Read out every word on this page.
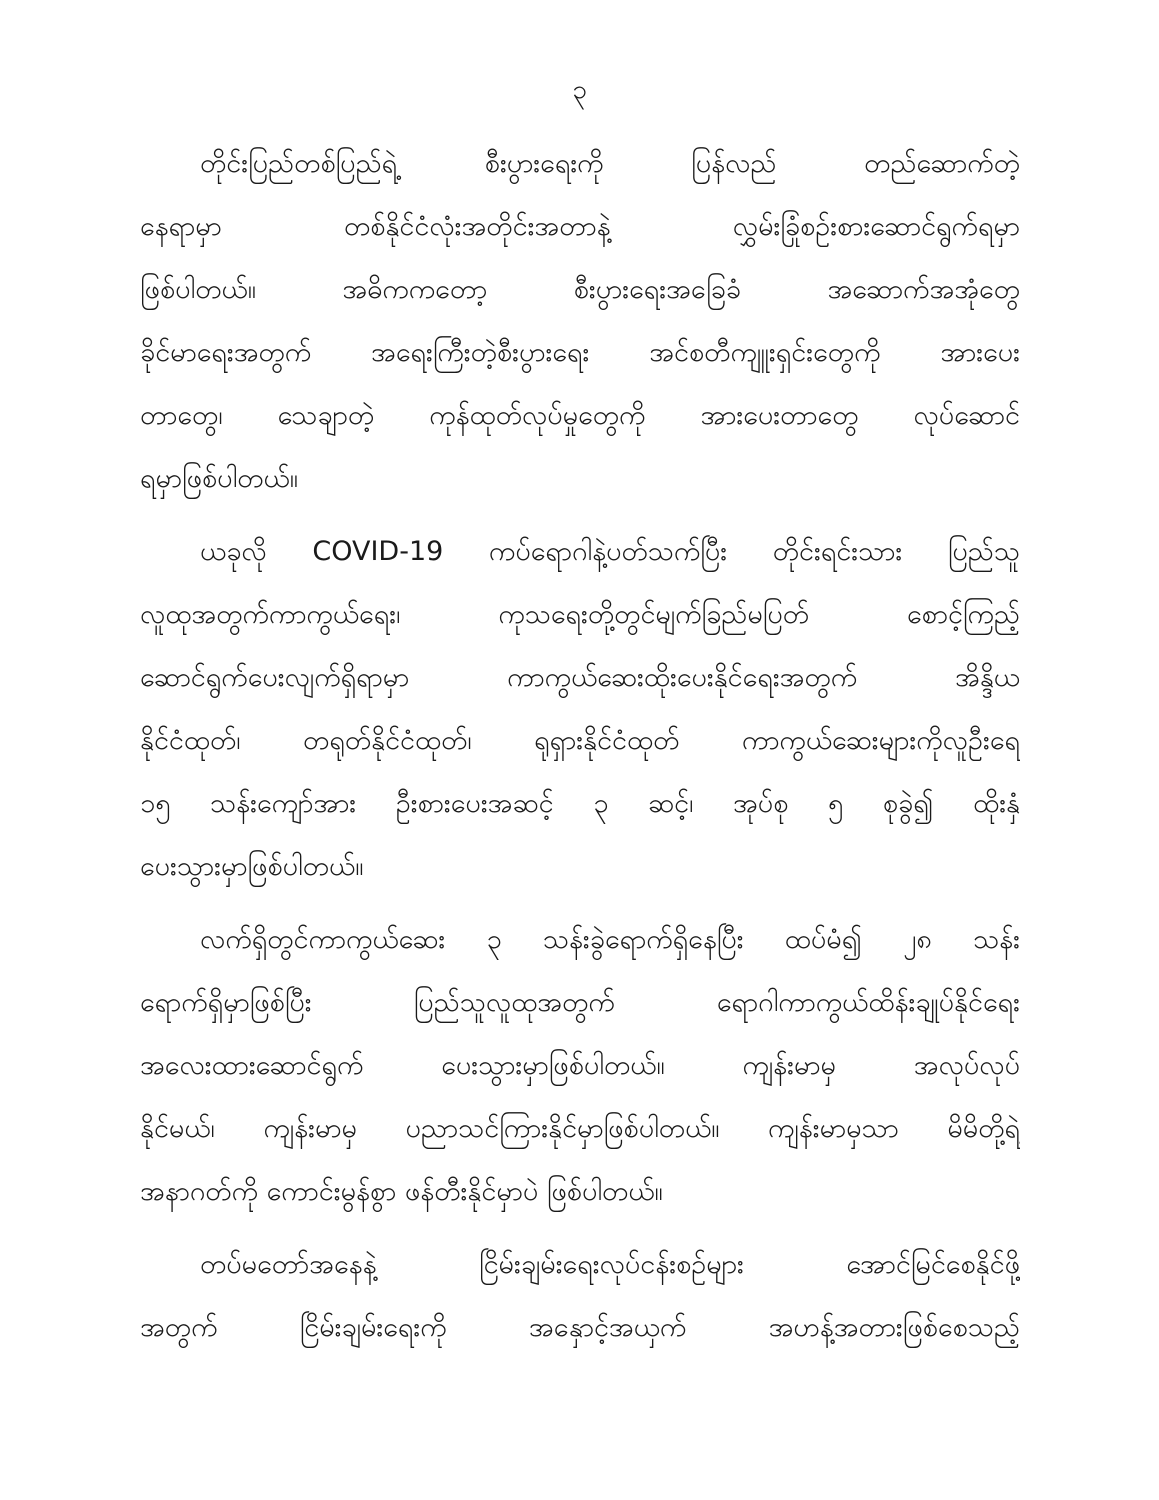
၃
တိုင်းပြည်တစ်ပြည်ရဲ့ စီးပွားရေးကို ပြန်လည် တည်ဆောက်တဲ့
နေရာမှာ တစ်နိုင်ငံလုံးအတိုင်းအတာနဲ့ လွှမ်းခြုံစဉ်းစားဆောင်ရွက်ရမှာ
ဖြစ်ပါတယ်။ အဓိကကတော့ စီးပွားရေးအခြေခံ အဆောက်အအုံတွေ
ခိုင်မာရေးအတွက် အရေးကြီးတဲ့စီးပွားရေး အင်စတီကျူးရှင်းတွေကို အားပေး
တာတွေ၊ သေချာတဲ့ ကုန်ထုတ်လုပ်မှုတွေကို အားပေးတာတွေ လုပ်ဆောင်
ရမှာဖြစ်ပါတယ်။
ယခုလို COVID-19 ကပ်ရောဂါနဲ့ပတ်သက်ပြီး တိုင်းရင်းသား ပြည်သူ
လူထုအတွက်ကာကွယ်ရေး၊ ကုသရေးတို့တွင်မျက်ခြည်မပြတ် စောင့်ကြည့်
ဆောင်ရွက်ပေးလျက်ရှိရာမှာ ကာကွယ်ဆေးထိုးပေးနိုင်ရေးအတွက် အိန္ဒိယ
နိုင်ငံထုတ်၊ တရုတ်နိုင်ငံထုတ်၊ ရုရှားနိုင်ငံထုတ် ကာကွယ်ဆေးများကိုလူဦးရေ
၁၅ သန်းကျော်အား ဦးစားပေးအဆင့် ၃ ဆင့်၊ အုပ်စု ၅ စုခွဲ၍ ထိုးနှံ
ပေးသွားမှာဖြစ်ပါတယ်။
လက်ရှိတွင်ကာကွယ်ဆေး ၃ သန်းခွဲရောက်ရှိနေပြီး ထပ်မံ၍ ၂၈ သန်း
ရောက်ရှိမှာဖြစ်ပြီး ပြည်သူလူထုအတွက် ရောဂါကာကွယ်ထိန်းချုပ်နိုင်ရေး
အလေးထားဆောင်ရွက် ပေးသွားမှာဖြစ်ပါတယ်။ ကျန်းမာမှ အလုပ်လုပ်
နိုင်မယ်၊ ကျန်းမာမှ ပညာသင်ကြားနိုင်မှာဖြစ်ပါတယ်။ ကျန်းမာမှသာ မိမိတို့ရဲ့
အနာဂတ်ကို ကောင်းမွန်စွာ ဖန်တီးနိုင်မှာပဲ ဖြစ်ပါတယ်။
တပ်မတော်အနေနဲ့ ငြိမ်းချမ်းရေးလုပ်ငန်းစဉ်များ အောင်မြင်စေနိုင်ဖို့
အတွက် ငြိမ်းချမ်းရေးကို အနှောင့်အယှက် အဟန့်အတားဖြစ်စေသည့်
